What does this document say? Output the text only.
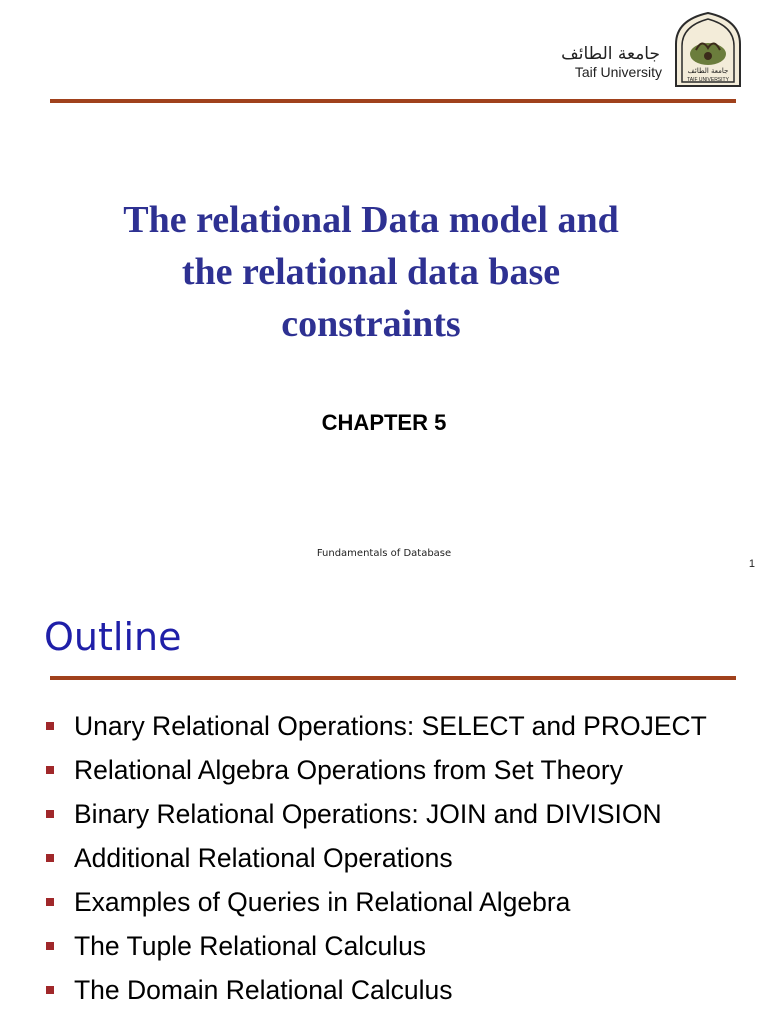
جامعة الطائف
Taif University	جامعة الطائف
TAIF UNIVERSITY
The relational Data model and
the relational data base
constraints
CHAPTER 5
Fundamentals of Database
1
Outline
Unary Relational Operations: SELECT and PROJECT
Relational Algebra Operations from Set Theory
Binary Relational Operations: JOIN and DIVISION
Additional Relational Operations
Examples of Queries in Relational Algebra
The Tuple Relational Calculus
The Domain Relational Calculus
